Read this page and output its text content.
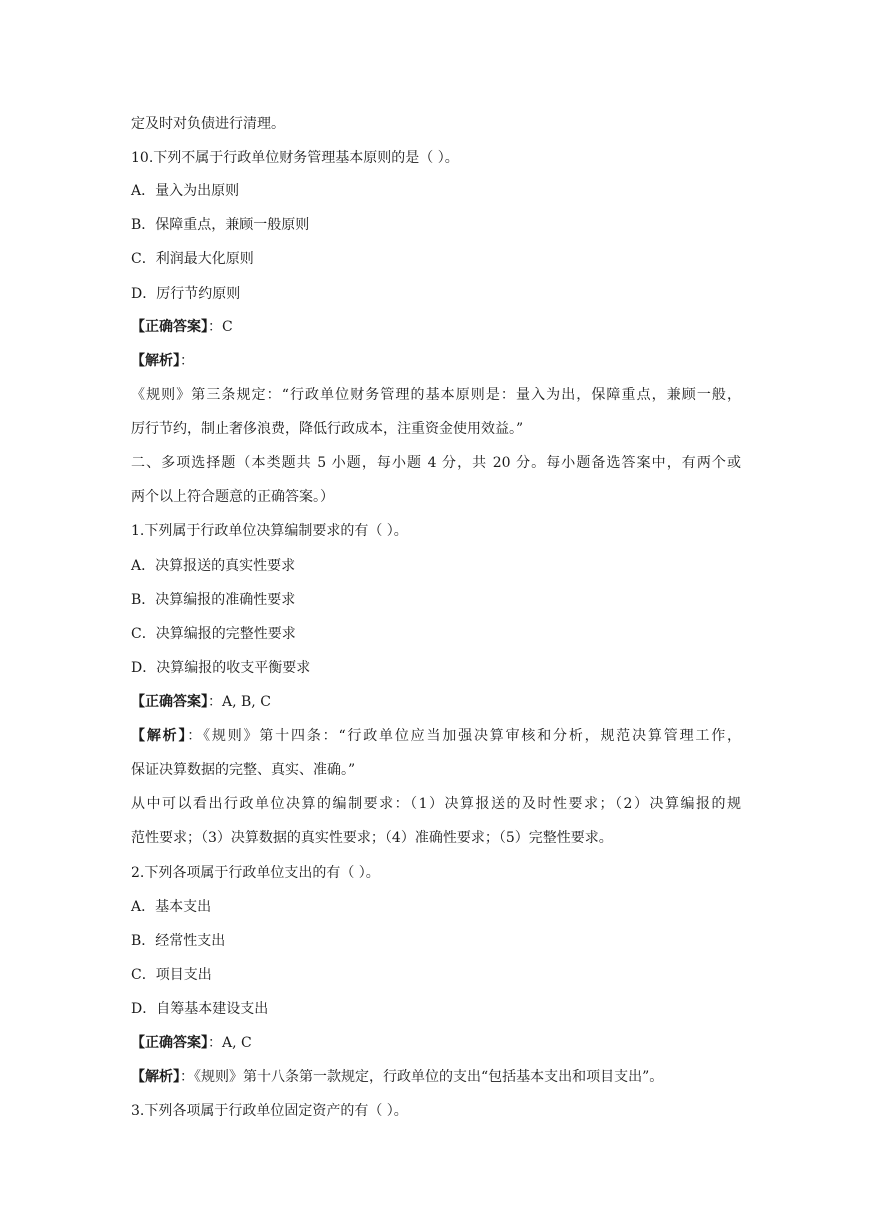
定及时对负债进行清理。
10.下列不属于行政单位财务管理基本原则的是（ ）。
A．量入为出原则
B．保障重点，兼顾一般原则
C．利润最大化原则
D．厉行节约原则
【正确答案】：C
【解析】：
《规则》第三条规定：“行政单位财务管理的基本原则是：量入为出，保障重点，兼顾一般，
厉行节约，制止奢侈浪费，降低行政成本，注重资金使用效益。”
二、多项选择题（本类题共 5 小题，每小题 4 分，共 20 分。每小题备选答案中，有两个或
两个以上符合题意的正确答案。）
1.下列属于行政单位决算编制要求的有（ ）。
A．决算报送的真实性要求
B．决算编报的准确性要求
C．决算编报的完整性要求
D．决算编报的收支平衡要求
【正确答案】：A, B, C
【解析】：《规则》第十四条：“行政单位应当加强决算审核和分析，规范决算管理工作，
保证决算数据的完整、真实、准确。”
从中可以看出行政单位决算的编制要求：（1）决算报送的及时性要求；（2）决算编报的规
范性要求；（3）决算数据的真实性要求；（4）准确性要求；（5）完整性要求。
2.下列各项属于行政单位支出的有（ ）。
A．基本支出
B．经常性支出
C．项目支出
D．自筹基本建设支出
【正确答案】：A, C
【解析】：《规则》第十八条第一款规定，行政单位的支出“包括基本支出和项目支出”。
3.下列各项属于行政单位固定资产的有（ ）。
